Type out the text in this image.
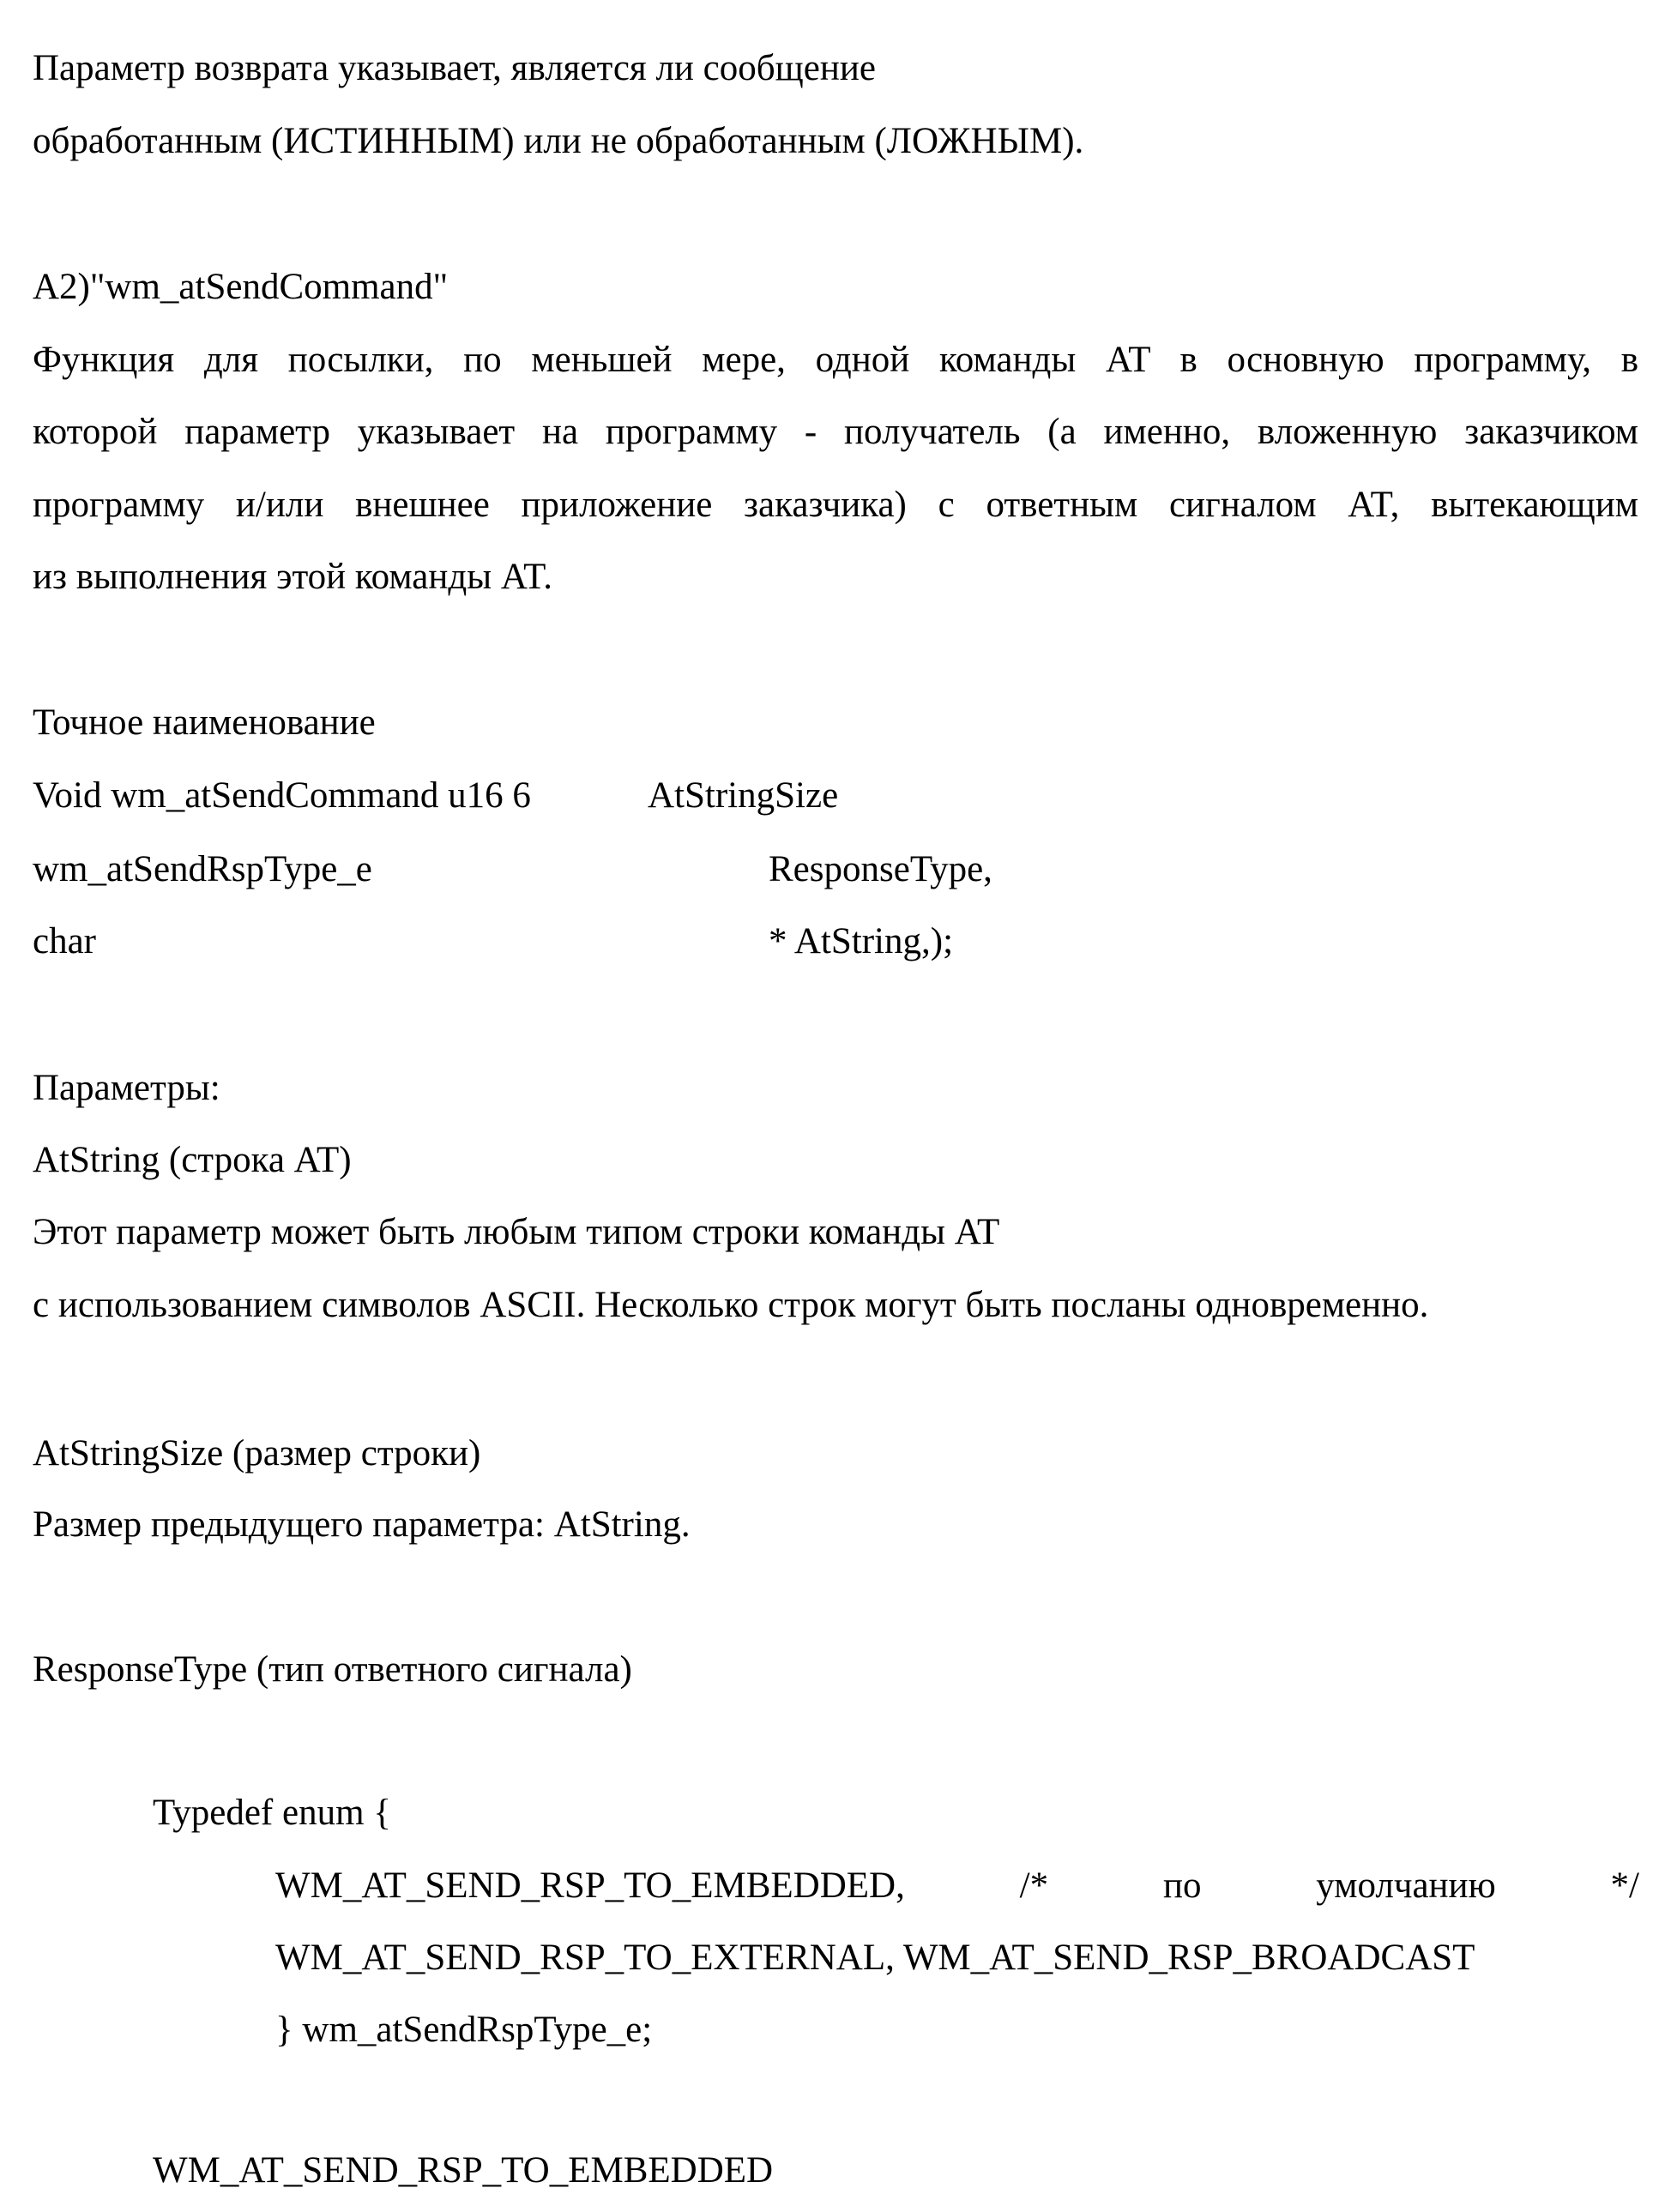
Параметр возврата указывает, является ли сообщение
обработанным (ИСТИННЫМ) или не обработанным (ЛОЖНЫМ).
A2)"wm_atSendCommand"
Функция для посылки, по меньшей мере, одной команды AT в основную программу, в
которой параметр указывает на программу - получатель (а именно, вложенную заказчиком
программу и/или внешнее приложение заказчика) с ответным сигналом AT, вытекающим
из выполнения этой команды AT.
Точное наименование
Void wm_atSendCommand u16 6	AtStringSize
wm_atSendRspType_e	ResponseType,
char	* AtString,);
Параметры:
AtString (строка AT)
Этот параметр может быть любым типом строки команды AT
с использованием символов ASCII. Несколько строк могут быть посланы одновременно.
AtStringSize (размер строки)
Размер предыдущего параметра: AtString.
ResponseType (тип ответного сигнала)
Typedef enum {
WM_AT_SEND_RSP_TO_EMBEDDED,	/*	по	умолчанию	*/
WM_AT_SEND_RSP_TO_EXTERNAL, WM_AT_SEND_RSP_BROADCAST
} wm_atSendRspType_e;
WM_AT_SEND_RSP_TO_EMBEDDED
